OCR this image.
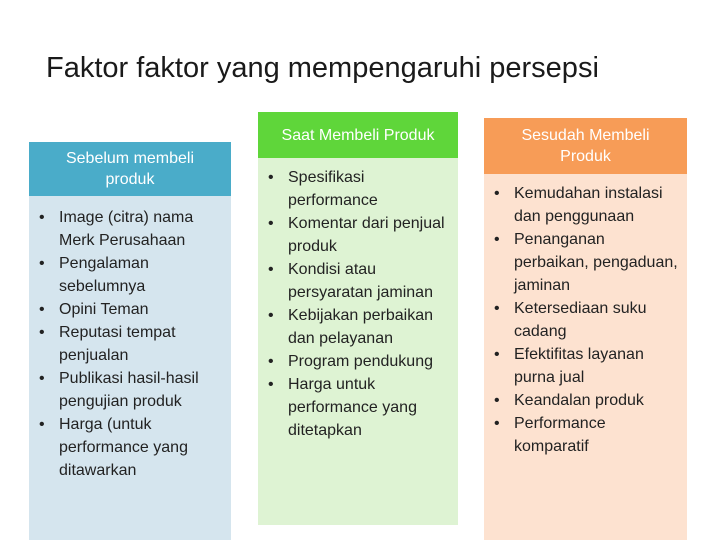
Faktor faktor yang mempengaruhi persepsi
Sebelum membeli produk
• Image (citra) nama Merk Perusahaan
• Pengalaman sebelumnya
• Opini Teman
• Reputasi tempat penjualan
• Publikasi hasil-hasil pengujian produk
• Harga (untuk performance yang ditawarkan
Saat Membeli Produk
• Spesifikasi performance
• Komentar dari penjual produk
• Kondisi atau persyaratan jaminan
• Kebijakan perbaikan dan pelayanan
• Program pendukung
• Harga untuk performance yang ditetapkan
Sesudah Membeli Produk
• Kemudahan instalasi dan penggunaan
• Penanganan perbaikan, pengaduan, jaminan
• Ketersediaan suku cadang
• Efektifitas layanan purna jual
• Keandalan produk
• Performance komparatif
